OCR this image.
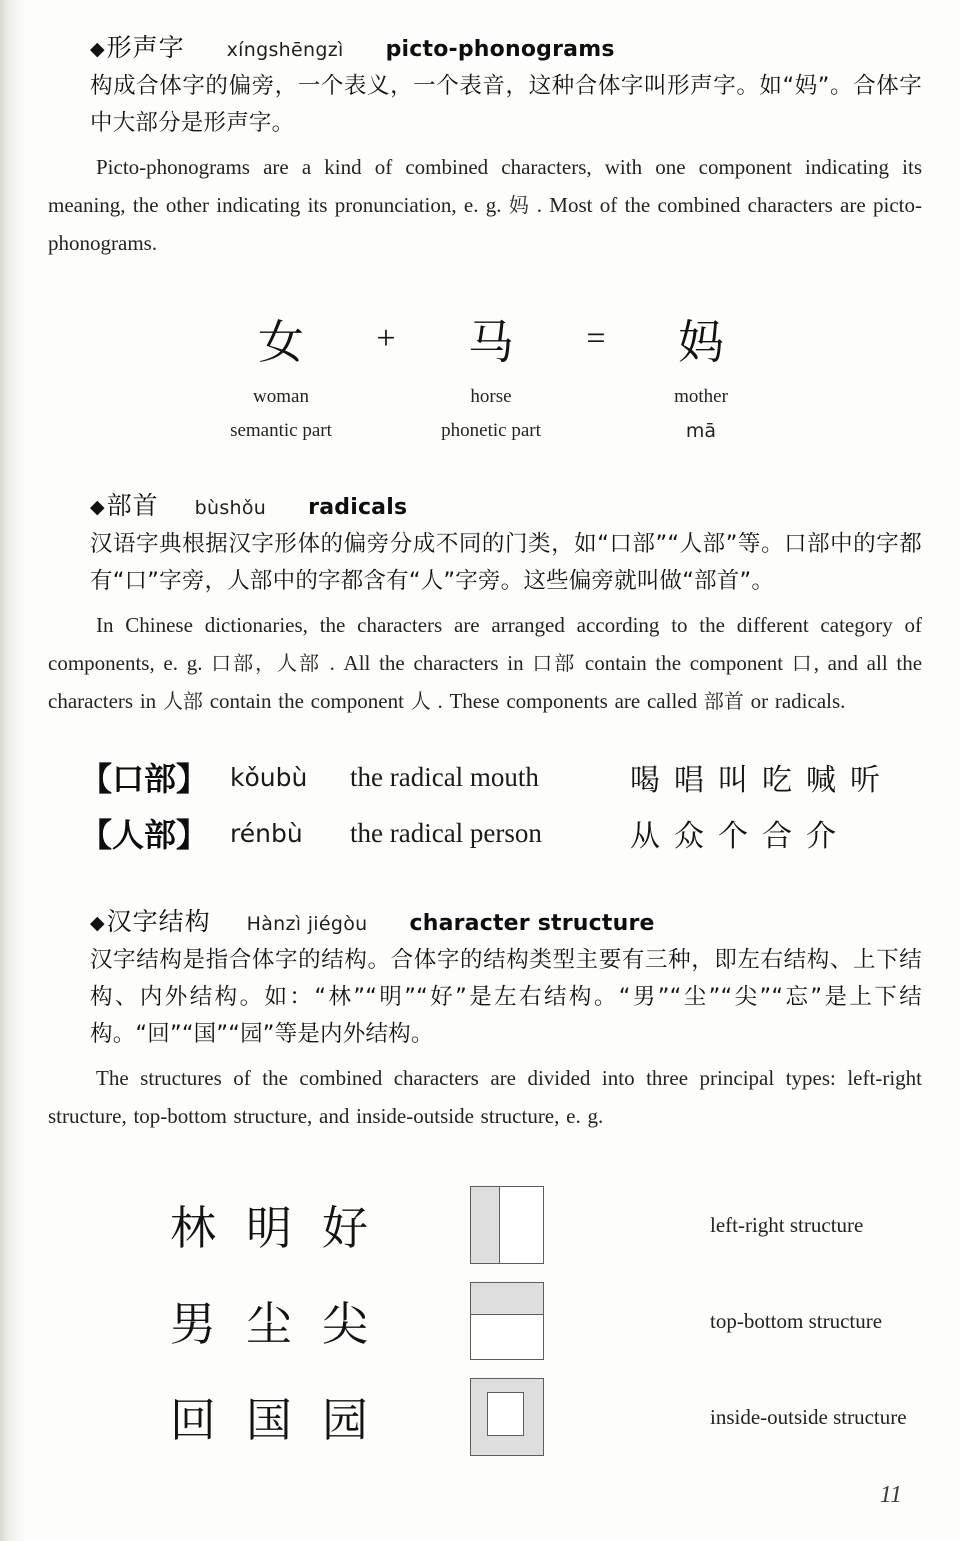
◆ 形声字 xíngshēngzì picto-phonograms

构成合体字的偏旁，一个表义，一个表音，这种合体字叫形声字。如“妈”。合体字中大部分是形声字。

Picto-phonograms are a kind of combined characters, with one component indicating its meaning, the other indicating its pronunciation, e. g. 妈 . Most of the combined characters are picto-phonograms.

女	+	马	=	妈
woman	horse	mother
semantic part	phonetic part	mā
◆ 部首 bùshǒu radicals

汉语字典根据汉字形体的偏旁分成不同的门类，如“口部”“人部”等。口部中的字都有“口”字旁，人部中的字都含有“人”字旁。这些偏旁就叫做“部首”。

In Chinese dictionaries, the characters are arranged according to the different category of components, e. g. 口部，人部 . All the characters in 口部 contain the component 口, and all the characters in 人部 contain the component 人 . These components are called 部首 or radicals.

【口部】 kǒubù	the radical mouth	喝唱叫吃喊听
【人部】 rénbù	the radical person	从众个合介
◆ 汉字结构 Hànzì jiégòu character structure

汉字结构是指合体字的结构。合体字的结构类型主要有三种，即左右结构、上下结构、内外结构。如：“林”“明”“好”是左右结构。“男”“尘”“尖”“忘”是上下结构。“回”“国”“园”等是内外结构。

The structures of the combined characters are divided into three principal types: left-right structure, top-bottom structure, and inside-outside structure, e. g.

林明好	left-right structure
男尘尖	top-bottom structure
回国园	inside-outside structure
11
